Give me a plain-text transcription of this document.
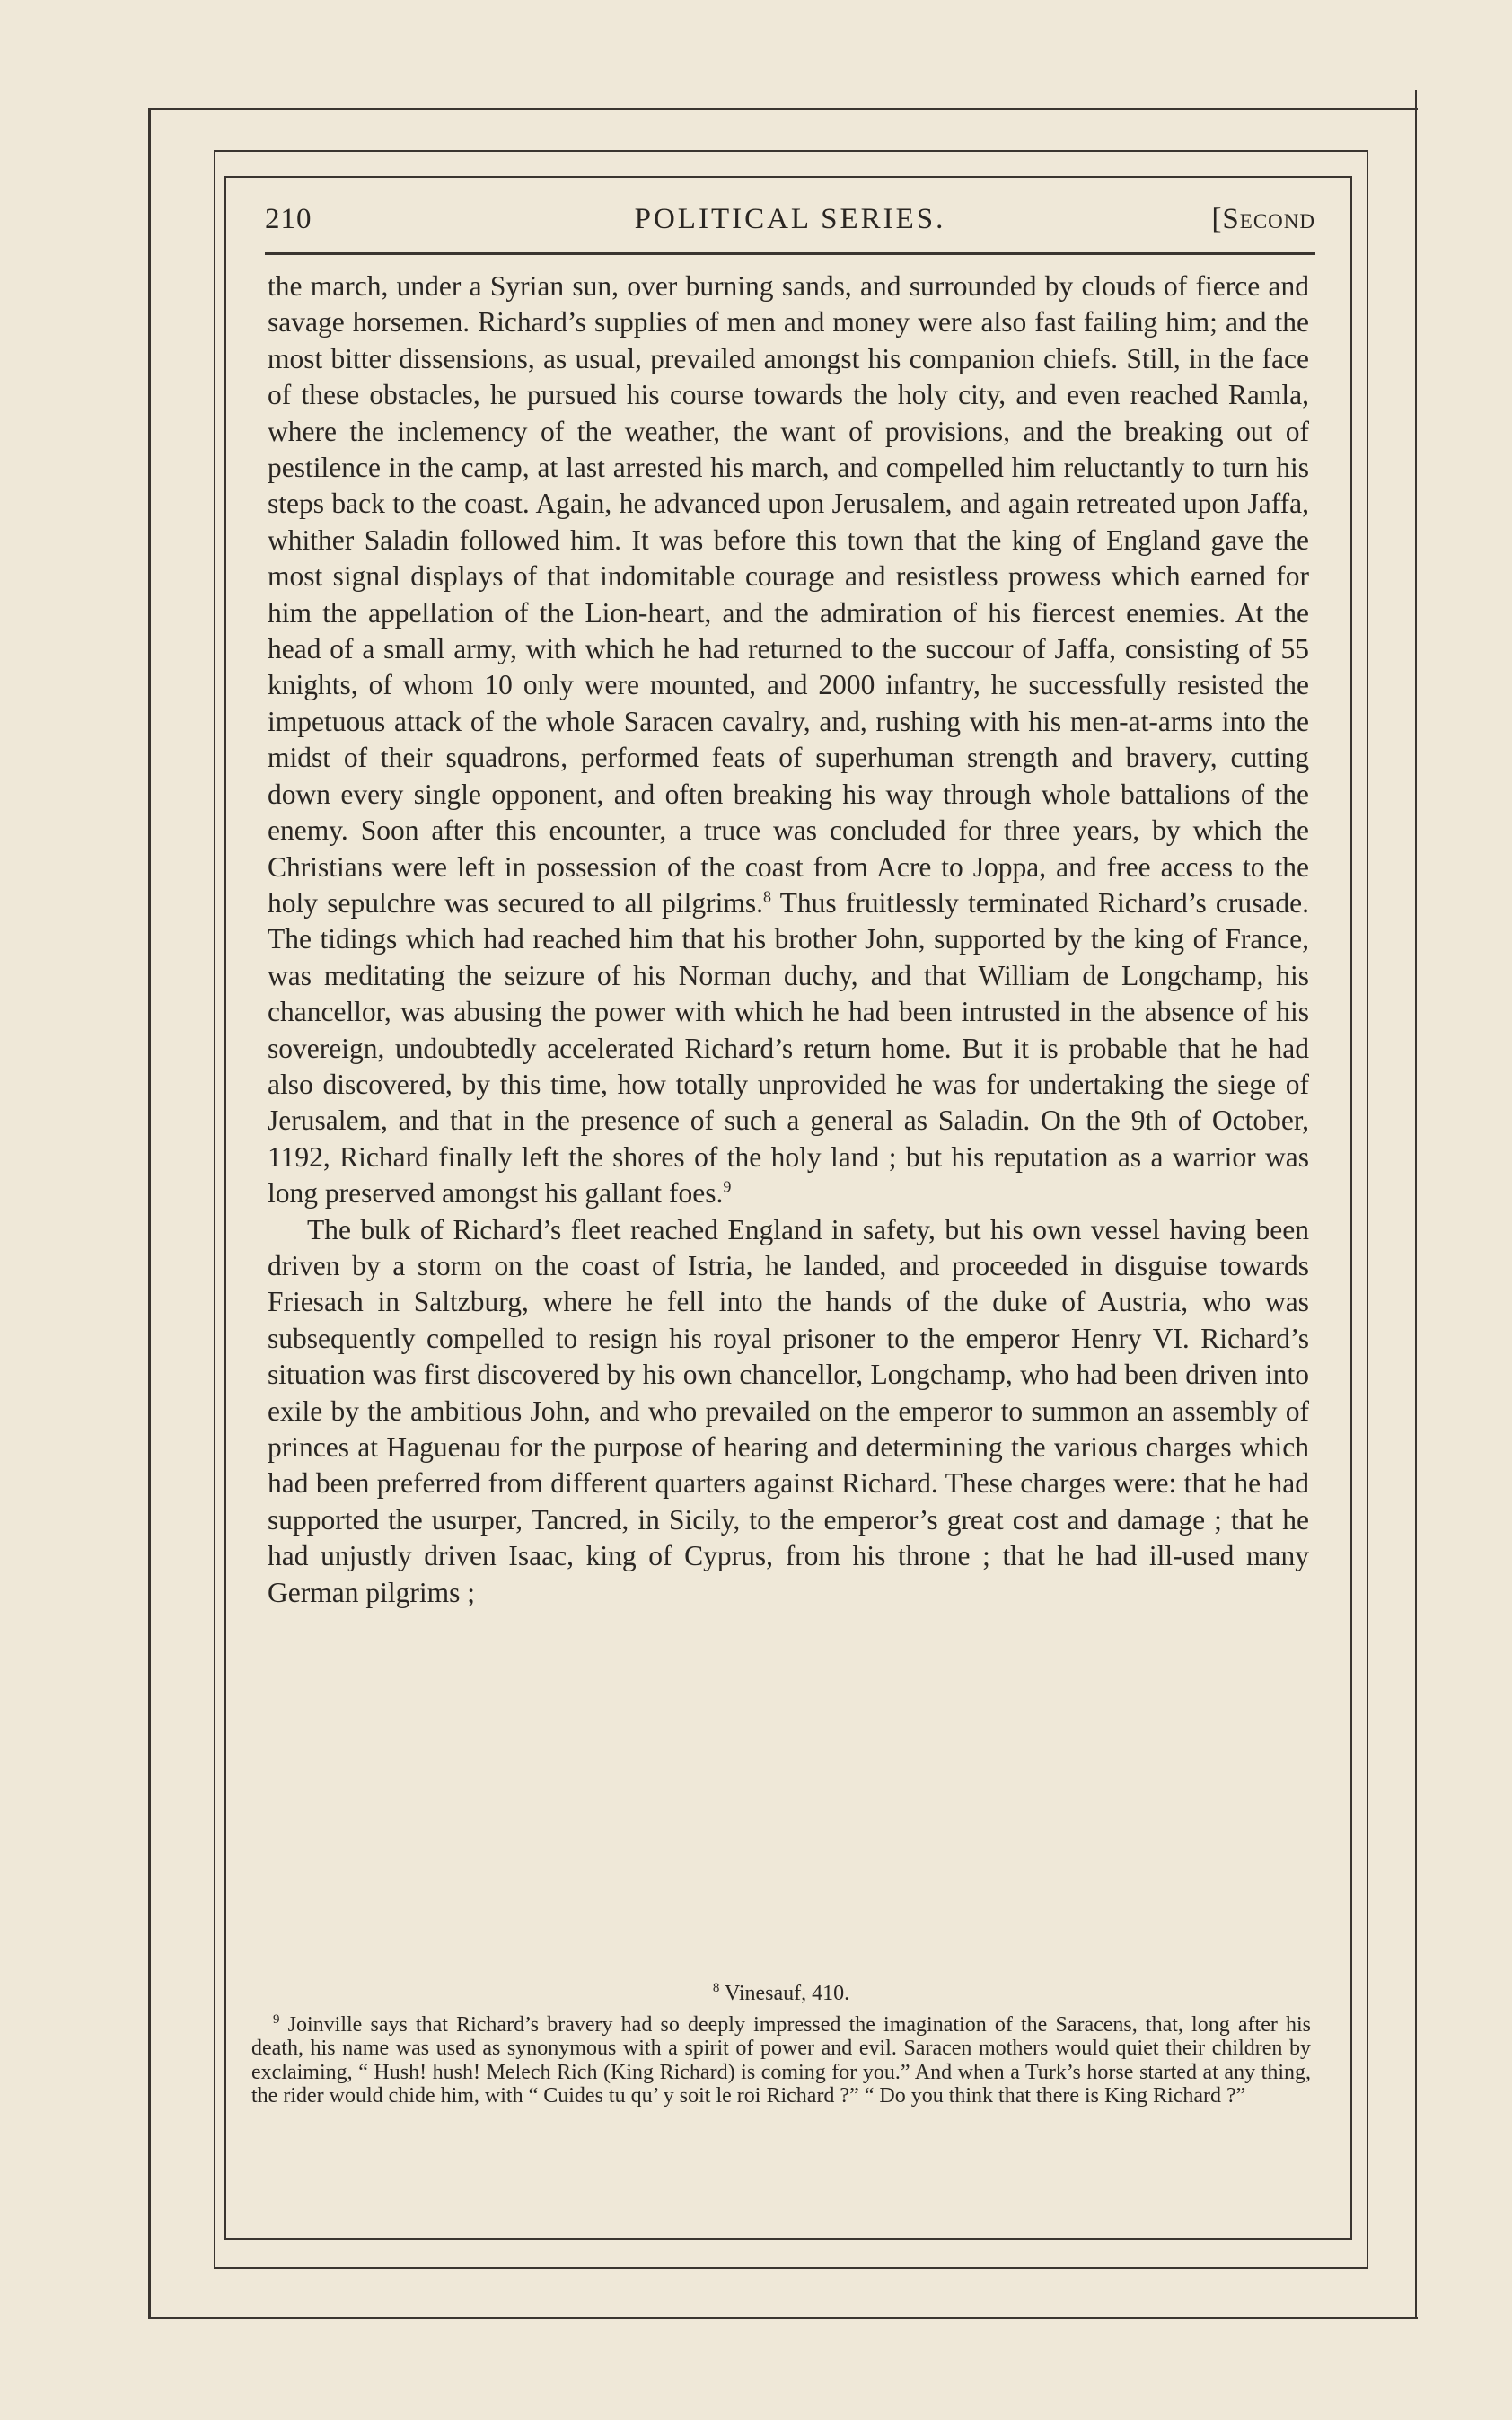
210	POLITICAL SERIES.	[Second

the march, under a Syrian sun, over burning sands, and surrounded by clouds of fierce and savage horsemen. Richard’s supplies of men and money were also fast failing him; and the most bitter dissensions, as usual, prevailed amongst his companion chiefs. Still, in the face of these obstacles, he pursued his course towards the holy city, and even reached Ramla, where the inclemency of the weather, the want of provisions, and the breaking out of pestilence in the camp, at last arrested his march, and compelled him reluctantly to turn his steps back to the coast. Again, he advanced upon Jerusalem, and again retreated upon Jaffa, whither Saladin followed him. It was before this town that the king of England gave the most signal displays of that indomitable courage and resistless prowess which earned for him the appellation of the Lion-heart, and the admiration of his fiercest enemies. At the head of a small army, with which he had returned to the succour of Jaffa, consisting of 55 knights, of whom 10 only were mounted, and 2000 infantry, he successfully resisted the impetuous attack of the whole Saracen cavalry, and, rushing with his men-at-arms into the midst of their squadrons, performed feats of superhuman strength and bravery, cutting down every single opponent, and often breaking his way through whole battalions of the enemy. Soon after this encounter, a truce was concluded for three years, by which the Christians were left in possession of the coast from Acre to Joppa, and free access to the holy sepulchre was secured to all pilgrims.$^8$ Thus fruitlessly terminated Richard’s crusade. The tidings which had reached him that his brother John, supported by the king of France, was meditating the seizure of his Norman duchy, and that William de Longchamp, his chancellor, was abusing the power with which he had been intrusted in the absence of his sovereign, undoubtedly accelerated Richard’s return home. But it is probable that he had also discovered, by this time, how totally unprovided he was for undertaking the siege of Jerusalem, and that in the presence of such a general as Saladin. On the 9th of October, 1192, Richard finally left the shores of the holy land ; but his reputation as a warrior was long preserved amongst his gallant foes.$^9$

The bulk of Richard’s fleet reached England in safety, but his own vessel having been driven by a storm on the coast of Istria, he landed, and proceeded in disguise towards Friesach in Saltzburg, where he fell into the hands of the duke of Austria, who was subsequently compelled to resign his royal prisoner to the emperor Henry VI. Richard’s situation was first discovered by his own chancellor, Longchamp, who had been driven into exile by the ambitious John, and who prevailed on the emperor to summon an assembly of princes at Haguenau for the purpose of hearing and determining the various charges which had been preferred from different quarters against Richard. These charges were: that he had supported the usurper, Tancred, in Sicily, to the emperor’s great cost and damage ; that he had unjustly driven Isaac, king of Cyprus, from his throne ; that he had ill-used many German pilgrims ;

$^8$ Vinesauf, 410.
$^9$ Joinville says that Richard’s bravery had so deeply impressed the imagination of the Saracens, that, long after his death, his name was used as synonymous with a spirit of power and evil. Saracen mothers would quiet their children by exclaiming, “ Hush! hush! Melech Rich (King Richard) is coming for you.” And when a Turk’s horse started at any thing, the rider would chide him, with “ Cuides tu qu’ y soit le roi Richard ?” “ Do you think that there is King Richard ?”
